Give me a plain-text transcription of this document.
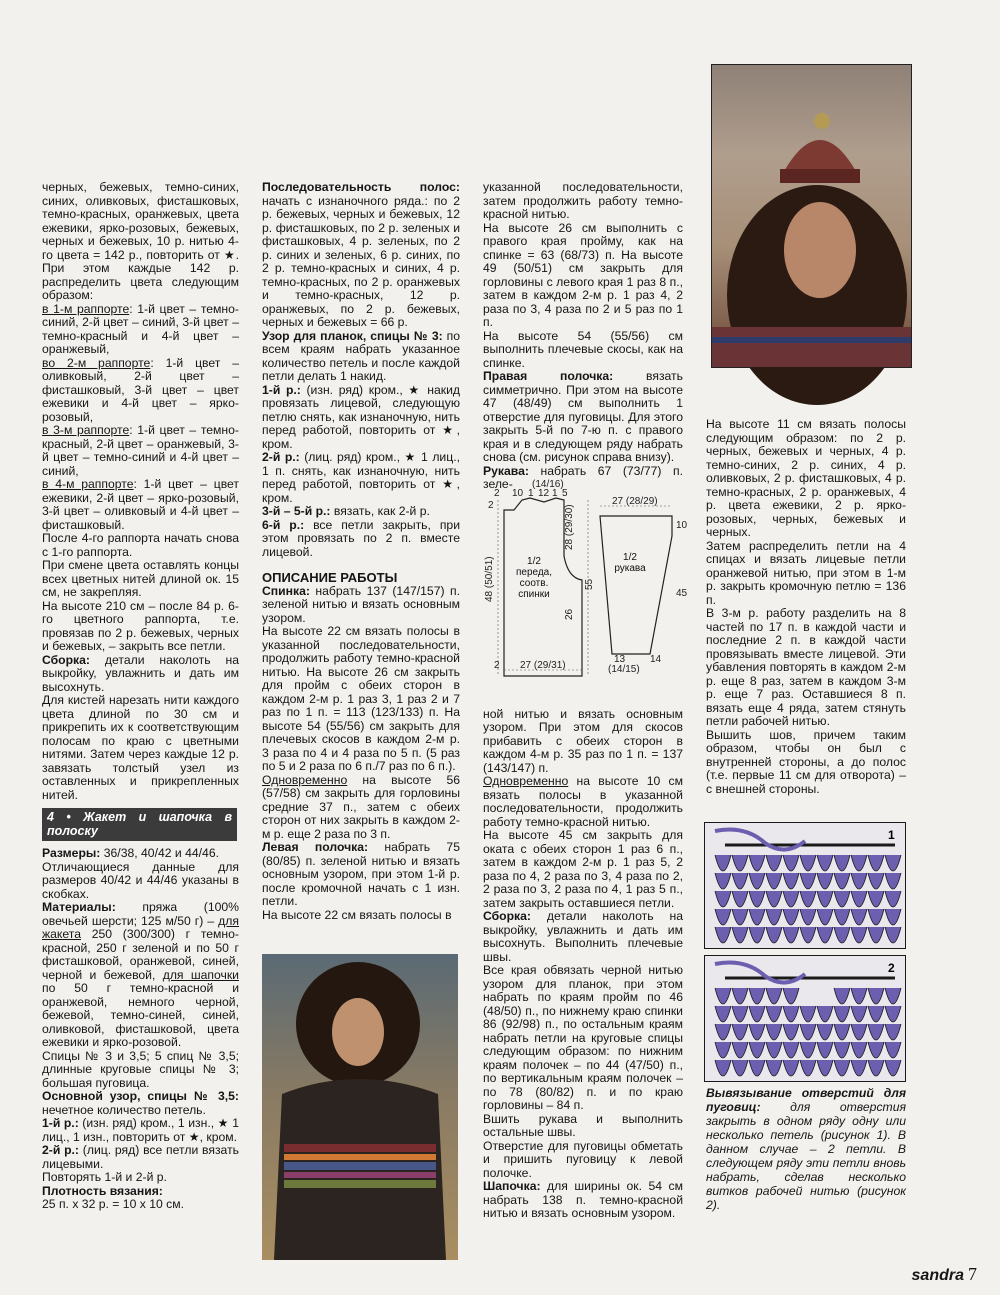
черных, бежевых, темно-синих, синих, оливковых, фисташковых, темно-красных, оранжевых, цвета ежевики, ярко-розовых, бежевых, черных и бежевых, 10 р. нитью 4-го цвета = 142 р., повторить от ★. При этом каждые 142 р. распределить цвета следующим образом:

в 1-м раппорте: 1-й цвет – темно-синий, 2-й цвет – синий, 3-й цвет – темно-красный и 4-й цвет – оранжевый,

во 2-м раппорте: 1-й цвет – оливковый, 2-й цвет – фисташковый, 3-й цвет – цвет ежевики и 4-й цвет – ярко-розовый,

в 3-м раппорте: 1-й цвет – темно-красный, 2-й цвет – оранжевый, 3-й цвет – темно-синий и 4-й цвет – синий,

в 4-м раппорте: 1-й цвет – цвет ежевики, 2-й цвет – ярко-розовый, 3-й цвет – оливковый и 4-й цвет – фисташковый.

После 4-го раппорта начать снова с 1-го раппорта.

При смене цвета оставлять концы всех цветных нитей длиной ок. 15 см, не закрепляя.

На высоте 210 см – после 84 р. 6-го цветного раппорта, т.е. провязав по 2 р. бежевых, черных и бежевых, – закрыть все петли.

Сборка: детали наколоть на выкройку, увлажнить и дать им высохнуть.

Для кистей нарезать нити каждого цвета длиной по 30 см и прикрепить их к соответствующим полосам по краю с цветными нитями. Затем через каждые 12 р. завязать толстый узел из оставленных и прикрепленных нитей.

4 • Жакет и шапочка в полоску

Размеры: 36/38, 40/42 и 44/46.

Отличающиеся данные для размеров 40/42 и 44/46 указаны в скобках.

Материалы: пряжа (100% овечьей шерсти; 125 м/50 г) – для жакета 250 (300/300) г темно-красной, 250 г зеленой и по 50 г фисташковой, оранжевой, синей, черной и бежевой, для шапочки по 50 г темно-красной и оранжевой, немного черной, бежевой, темно-синей, синей, оливковой, фисташковой, цвета ежевики и ярко-розовой.

Спицы № 3 и 3,5; 5 спиц № 3,5; длинные круговые спицы № 3; большая пуговица.

Основной узор, спицы № 3,5: нечетное количество петель.

1-й р.: (изн. ряд) кром., 1 изн., ★ 1 лиц., 1 изн., повторить от ★, кром.

2-й р.: (лиц. ряд) все петли вязать лицевыми.

Повторять 1-й и 2-й р.

Плотность вязания:

25 п. х 32 р. = 10 х 10 см.

Последовательность полос: начать с изнаночного ряда.: по 2 р. бежевых, черных и бежевых, 12 р. фисташковых, по 2 р. зеленых и фисташковых, 4 р. зеленых, по 2 р. синих и зеленых, 6 р. синих, по 2 р. темно-красных и синих, 4 р. темно-красных, по 2 р. оранжевых и темно-красных, 12 р. оранжевых, по 2 р. бежевых, черных и бежевых = 66 р.

Узор для планок, спицы № 3: по всем краям набрать указанное количество петель и после каждой петли делать 1 накид.

1-й р.: (изн. ряд) кром., ★ накид провязать лицевой, следующую петлю снять, как изнаночную, нить перед работой, повторить от ★, кром.

2-й р.: (лиц. ряд) кром., ★ 1 лиц., 1 п. снять, как изнаночную, нить перед работой, повторить от ★, кром.

3-й – 5-й р.: вязать, как 2-й р.

6-й р.: все петли закрыть, при этом провязать по 2 п. вместе лицевой.

ОПИСАНИЕ РАБОТЫ

Спинка: набрать 137 (147/157) п. зеленой нитью и вязать основным узором.

На высоте 22 см вязать полосы в указанной последовательности, продолжить работу темно-красной нитью. На высоте 26 см закрыть для пройм с обеих сторон в каждом 2-м р. 1 раз 3, 1 раз 2 и 7 раз по 1 п. = 113 (123/133) п. На высоте 54 (55/56) см закрыть для плечевых скосов в каждом 2-м р. 3 раза по 4 и 4 раза по 5 п. (5 раз по 5 и 2 раза по 6 п./7 раз по 6 п.).

Одновременно на высоте 56 (57/58) см закрыть для горловины средние 37 п., затем с обеих сторон от них закрыть в каждом 2-м р. еще 2 раза по 3 п.

Левая полочка: набрать 75 (80/85) п. зеленой нитью и вязать основным узором, при этом 1-й р. после кромочной начать с 1 изн. петли.

На высоте 22 см вязать полосы в

указанной последовательности, затем продолжить работу темно-красной нитью.

На высоте 26 см выполнить с правого края пройму, как на спинке = 63 (68/73) п. На высоте 49 (50/51) см закрыть для горловины с левого края 1 раз 8 п., затем в каждом 2-м р. 1 раз 4, 2 раза по 3, 4 раза по 2 и 5 раз по 1 п.

На высоте 54 (55/56) см выполнить плечевые скосы, как на спинке.

Правая полочка: вязать симметрично. При этом на высоте 47 (48/49) см выполнить 1 отверстие для пуговицы. Для этого закрыть 5-й по 7-ю п. с правого края и в следующем ряду набрать снова (см. рисунок справа внизу).

Рукава: набрать 67 (73/77) п. зеле-

ной нитью и вязать основным узором. При этом для скосов прибавить с обеих сторон в каждом 4-м р. 35 раз по 1 п. = 137 (143/147) п.

Одновременно на высоте 10 см вязать полосы в указанной последовательности, продолжить работу темно-красной нитью.

На высоте 45 см закрыть для оката с обеих сторон 1 раз 6 п., затем в каждом 2-м р. 1 раз 5, 2 раза по 4, 2 раза по 3, 4 раза по 2, 2 раза по 3, 2 раза по 4, 1 раз 5 п., затем закрыть оставшиеся петли.

Сборка: детали наколоть на выкройку, увлажнить и дать им высохнуть. Выполнить плечевые швы.

Все края обвязать черной нитью узором для планок, при этом набрать по краям пройм по 46 (48/50) п., по нижнему краю спинки 86 (92/98) п., по остальным краям набрать петли на круговые спицы следующим образом: по нижним краям полочек – по 44 (47/50) п., по вертикальным краям полочек – по 78 (80/82) п. и по краю горловины – 84 п.

Вшить рукава и выполнить остальные швы.

Отверстие для пуговицы обметать и пришить пуговицу к левой полочке.

Шапочка: для ширины ок. 54 см набрать 138 п. темно-красной нитью и вязать основным узором.

2 10 1 12 1 5
(14/16)
27 (28/29)
10
45
13
(14/15)
14
27 (29/31)
2
2
48 (50/51)
26
28 (29/30)
55
1/2
переда,
соотв.
спинки
1/2
рукава

На высоте 11 см вязать полосы следующим образом: по 2 р. черных, бежевых и черных, 4 р. темно-синих, 2 р. синих, 4 р. оливковых, 2 р. фисташковых, 4 р. темно-красных, 2 р. оранжевых, 4 р. цвета ежевики, 2 р. ярко-розовых, черных, бежевых и черных.

Затем распределить петли на 4 спицах и вязать лицевые петли оранжевой нитью, при этом в 1-м р. закрыть кромочную петлю = 136 п.

В 3-м р. работу разделить на 8 частей по 17 п. в каждой части и последние 2 п. в каждой части провязывать вместе лицевой. Эти убавления повторять в каждом 2-м р. еще 8 раз, затем в каждом 3-м р. еще 7 раз. Оставшиеся 8 п. вязать еще 4 ряда, затем стянуть петли рабочей нитью.

Вышить шов, причем таким образом, чтобы он был с внутренней стороны, а до полос (т.е. первые 11 см для отворота) – с внешней стороны.

1
2
Вывязывание отверстий для пуговиц: для отверстия закрыть в одном ряду одну или несколько петель (рисунок 1). В данном случае – 2 петли. В следующем ряду эти петли вновь набрать, сделав несколько витков рабочей нитью (рисунок 2).
sandra 7
